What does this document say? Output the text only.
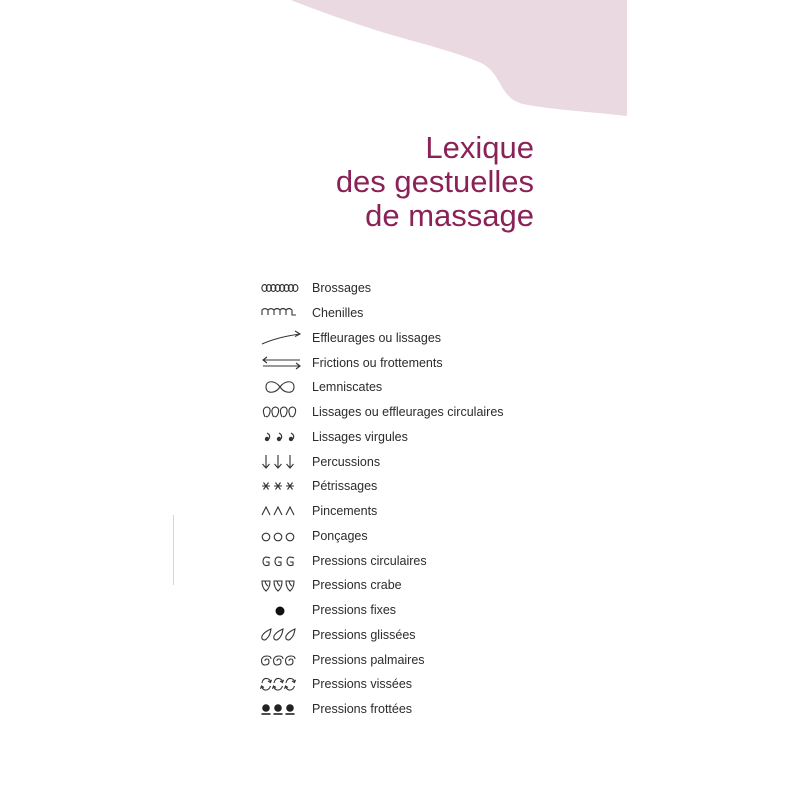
Lexique
des gestuelles
de massage
Brossages
Chenilles
Effleurages ou lissages
Frictions ou frottements
Lemniscates
Lissages ou effleurages circulaires
Lissages virgules
Percussions
Pétrissages
Pincements
Ponçages
Pressions circulaires
Pressions crabe
Pressions fixes
Pressions glissées
Pressions palmaires
Pressions vissées
Pressions frottées
